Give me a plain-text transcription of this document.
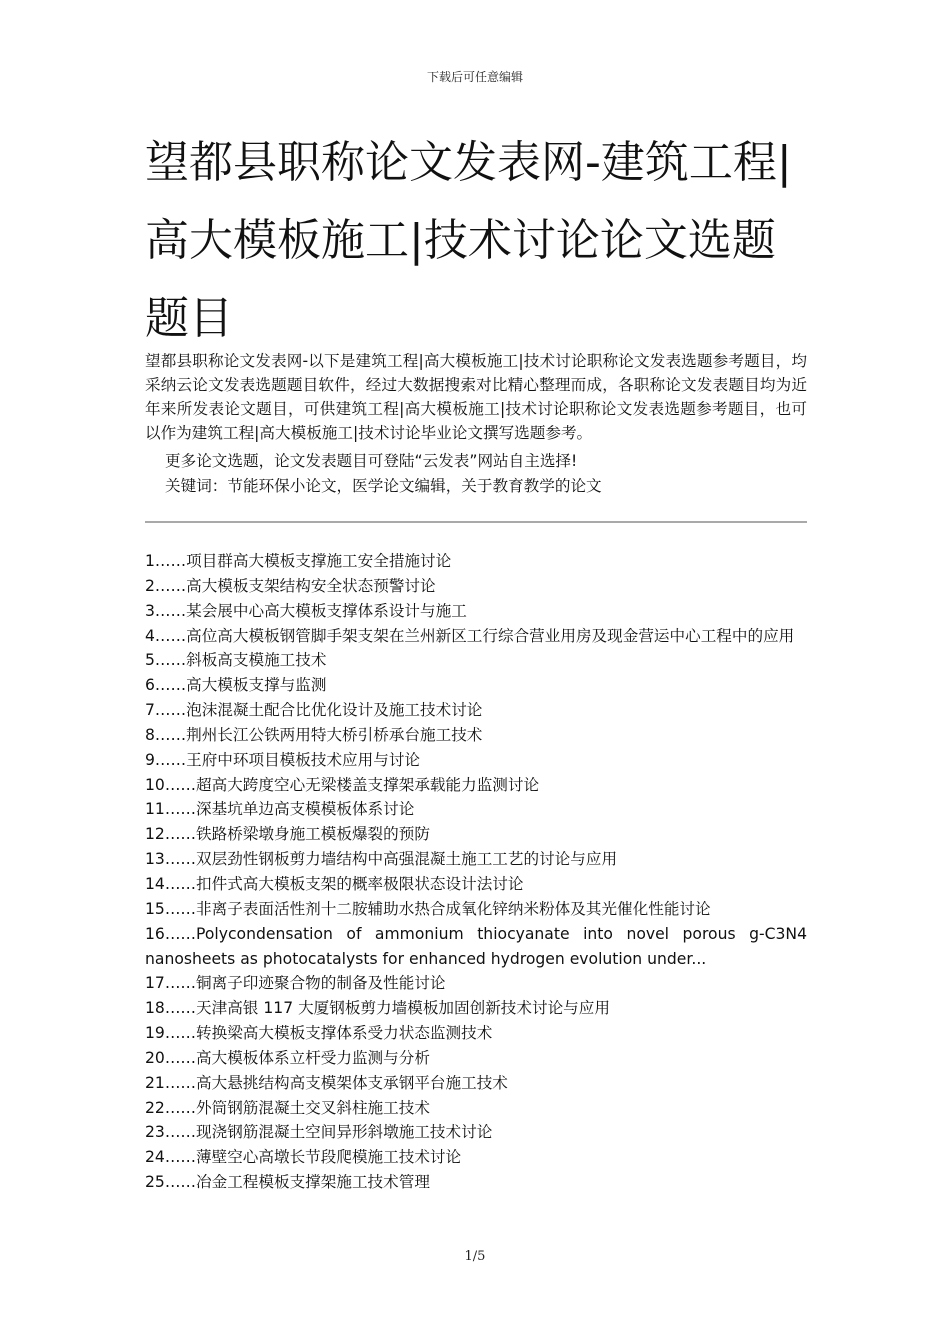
下载后可任意编辑
望都县职称论文发表网-建筑工程|高大模板施工|技术讨论论文选题题目

望都县职称论文发表网-以下是建筑工程|高大模板施工|技术讨论职称论文发表选题参考题目，均采纳云论文发表选题题目软件，经过大数据搜索对比精心整理而成，各职称论文发表题目均为近年来所发表论文题目，可供建筑工程|高大模板施工|技术讨论职称论文发表选题参考题目，也可以作为建筑工程|高大模板施工|技术讨论毕业论文撰写选题参考。

更多论文选题，论文发表题目可登陆“云发表”网站自主选择!

关键词：节能环保小论文，医学论文编辑，关于教育教学的论文

1……项目群高大模板支撑施工安全措施讨论
2……高大模板支架结构安全状态预警讨论
3……某会展中心高大模板支撑体系设计与施工
4……高位高大模板钢管脚手架支架在兰州新区工行综合营业用房及现金营运中心工程中的应用
5……斜板高支模施工技术
6……高大模板支撑与监测
7……泡沫混凝土配合比优化设计及施工技术讨论
8……荆州长江公铁两用特大桥引桥承台施工技术
9……王府中环项目模板技术应用与讨论
10……超高大跨度空心无梁楼盖支撑架承载能力监测讨论
11……深基坑单边高支模模板体系讨论
12……铁路桥梁墩身施工模板爆裂的预防
13……双层劲性钢板剪力墙结构中高强混凝土施工工艺的讨论与应用
14……扣件式高大模板支架的概率极限状态设计法讨论
15……非离子表面活性剂十二胺辅助水热合成氧化锌纳米粉体及其光催化性能讨论
16……Polycondensation of ammonium thiocyanate into novel porous g-C3N4 nanosheets as photocatalysts for enhanced hydrogen evolution under...
17……铜离子印迹聚合物的制备及性能讨论
18……天津高银 117 大厦钢板剪力墙模板加固创新技术讨论与应用
19……转换梁高大模板支撑体系受力状态监测技术
20……高大模板体系立杆受力监测与分析
21……高大悬挑结构高支模架体支承钢平台施工技术
22……外筒钢筋混凝土交叉斜柱施工技术
23……现浇钢筋混凝土空间异形斜墩施工技术讨论
24……薄壁空心高墩长节段爬模施工技术讨论
25……冶金工程模板支撑架施工技术管理
1/5
